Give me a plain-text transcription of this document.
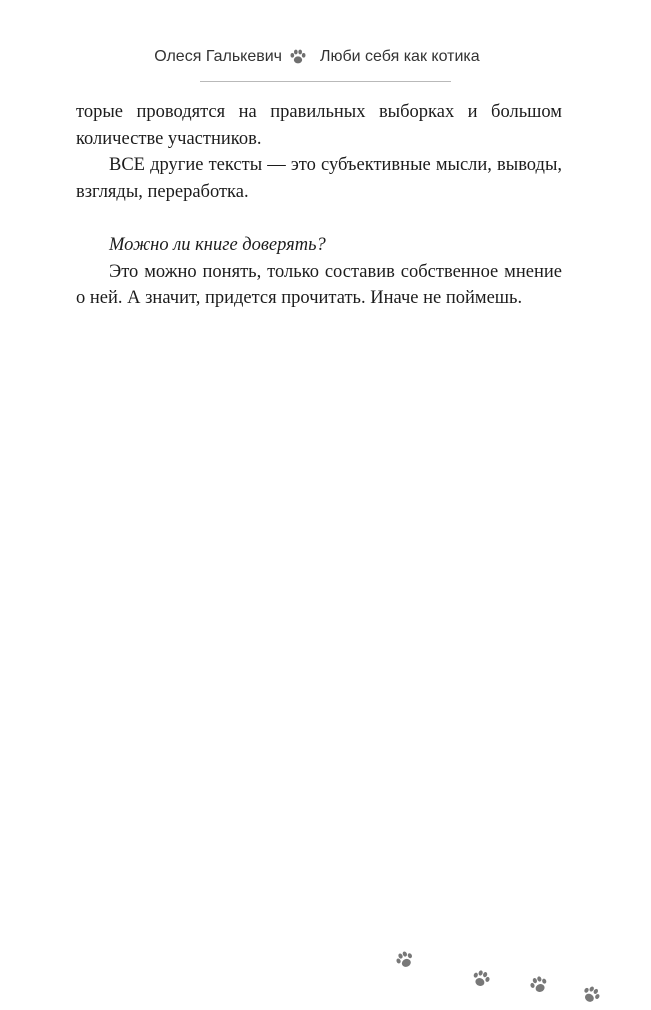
Олеся Галькевич Люби себя как котика

торые проводятся на правильных выборках и большом количестве участников.

ВСЕ другие тексты — это субъективные мысли, выводы, взгляды, переработка.

Можно ли книге доверять?

Это можно понять, только составив собственное мнение о ней. А значит, придется прочитать. Иначе не поймешь.
